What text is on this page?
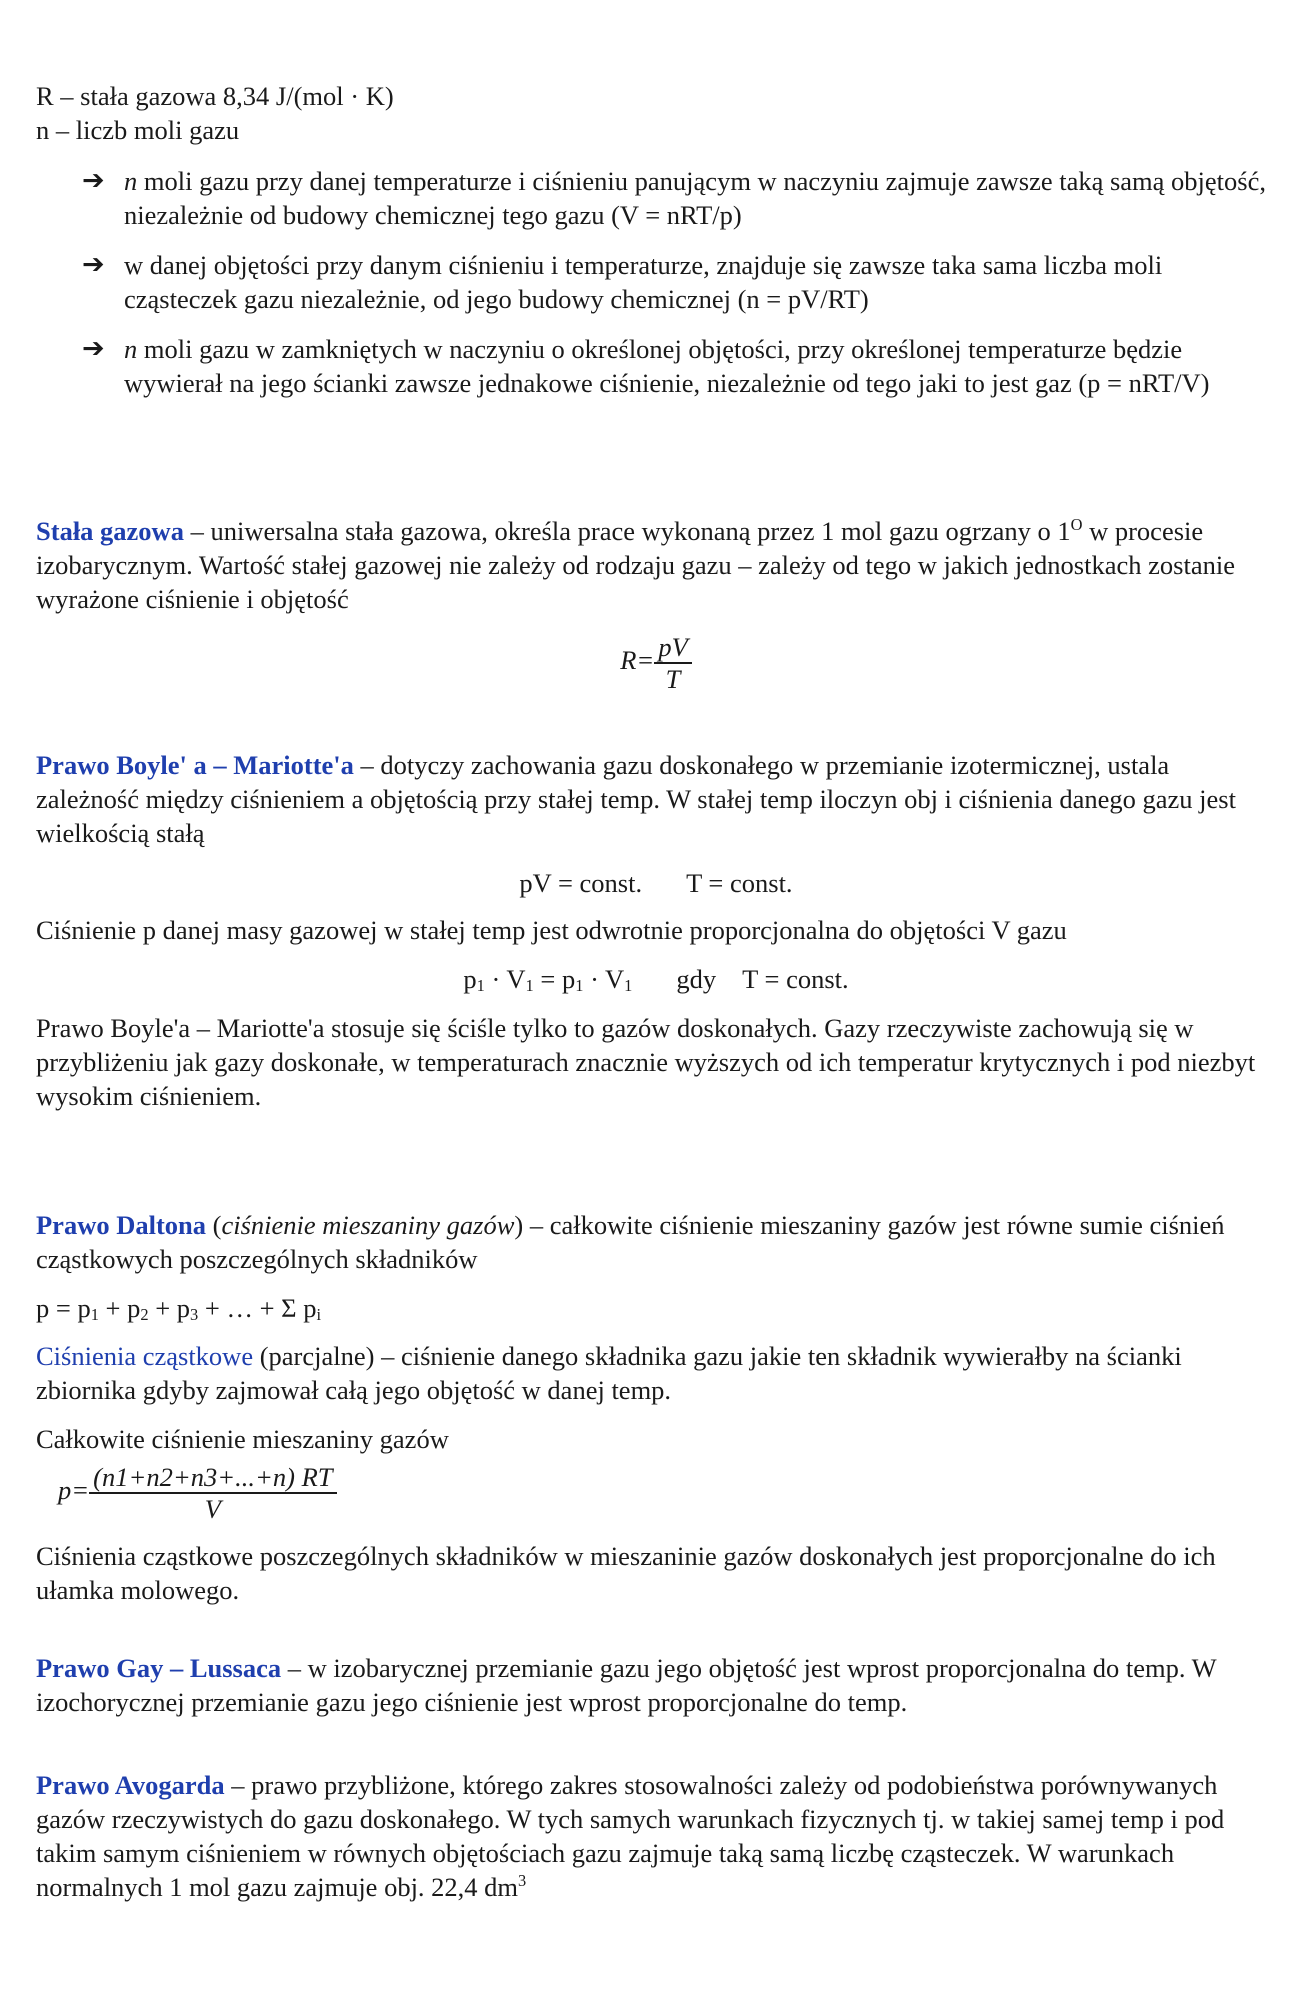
R – stała gazowa 8,34 J/(mol · K)

n – liczb moli gazu

➔ n moli gazu przy danej temperaturze i ciśnieniu panującym w naczyniu zajmuje zawsze taką samą objętość, niezależnie od budowy chemicznej tego gazu (V = nRT/p)
➔ w danej objętości przy danym ciśnieniu i temperaturze, znajduje się zawsze taka sama liczba moli cząsteczek gazu niezależnie, od jego budowy chemicznej (n = pV/RT)
➔ n moli gazu w zamkniętych w naczyniu o określonej objętości, przy określonej temperaturze będzie wywierał na jego ścianki zawsze jednakowe ciśnienie, niezależnie od tego jaki to jest gaz (p = nRT/V)

Stała gazowa – uniwersalna stała gazowa, określa prace wykonaną przez 1 mol gazu ogrzany o $1^O$ w procesie izobarycznym. Wartość stałej gazowej nie zależy od rodzaju gazu – zależy od tego w jakich jednostkach zostanie wyrażone ciśnienie i objętość

$R= \frac{pV}{T}$

Prawo Boyle' a – Mariotte'a – dotyczy zachowania gazu doskonałego w przemianie izotermicznej, ustala zależność między ciśnieniem a objętością przy stałej temp. W stałej temp iloczyn obj i ciśnienia danego gazu jest wielkością stałą

pV = const. T = const.

Ciśnienie p danej masy gazowej w stałej temp jest odwrotnie proporcjonalna do objętości V gazu

$p_1 \cdot V_1 = p_1 \cdot V_1$ gdy    T = const.

Prawo Boyle'a – Mariotte'a stosuje się ściśle tylko to gazów doskonałych. Gazy rzeczywiste zachowują się w przybliżeniu jak gazy doskonałe, w temperaturach znacznie wyższych od ich temperatur krytycznych i pod niezbyt wysokim ciśnieniem.

Prawo Daltona (ciśnienie mieszaniny gazów) – całkowite ciśnienie mieszaniny gazów jest równe sumie ciśnień cząstkowych poszczególnych składników

$p = p_1 + p_2 + p_3$ + … + Σ $p_i$

Ciśnienia cząstkowe (parcjalne) – ciśnienie danego składnika gazu jakie ten składnik wywierałby na ścianki zbiornika gdyby zajmował całą jego objętość w danej temp.

Całkowite ciśnienie mieszaniny gazów

$p= \frac{(n1+n2+n3+...+n) RT}{V}$

Ciśnienia cząstkowe poszczególnych składników w mieszaninie gazów doskonałych jest proporcjonalne do ich ułamka molowego.

Prawo Gay – Lussaca – w izobarycznej przemianie gazu jego objętość jest wprost proporcjonalna do temp. W izochorycznej przemianie gazu jego ciśnienie jest wprost proporcjonalne do temp.

Prawo Avogarda – prawo przybliżone, którego zakres stosowalności zależy od podobieństwa porównywanych gazów rzeczywistych do gazu doskonałego. W tych samych warunkach fizycznych tj. w takiej samej temp i pod takim samym ciśnieniem w równych objętościach gazu zajmuje taką samą liczbę cząsteczek. W warunkach normalnych 1 mol gazu zajmuje obj. 22,4 $dm^3$
